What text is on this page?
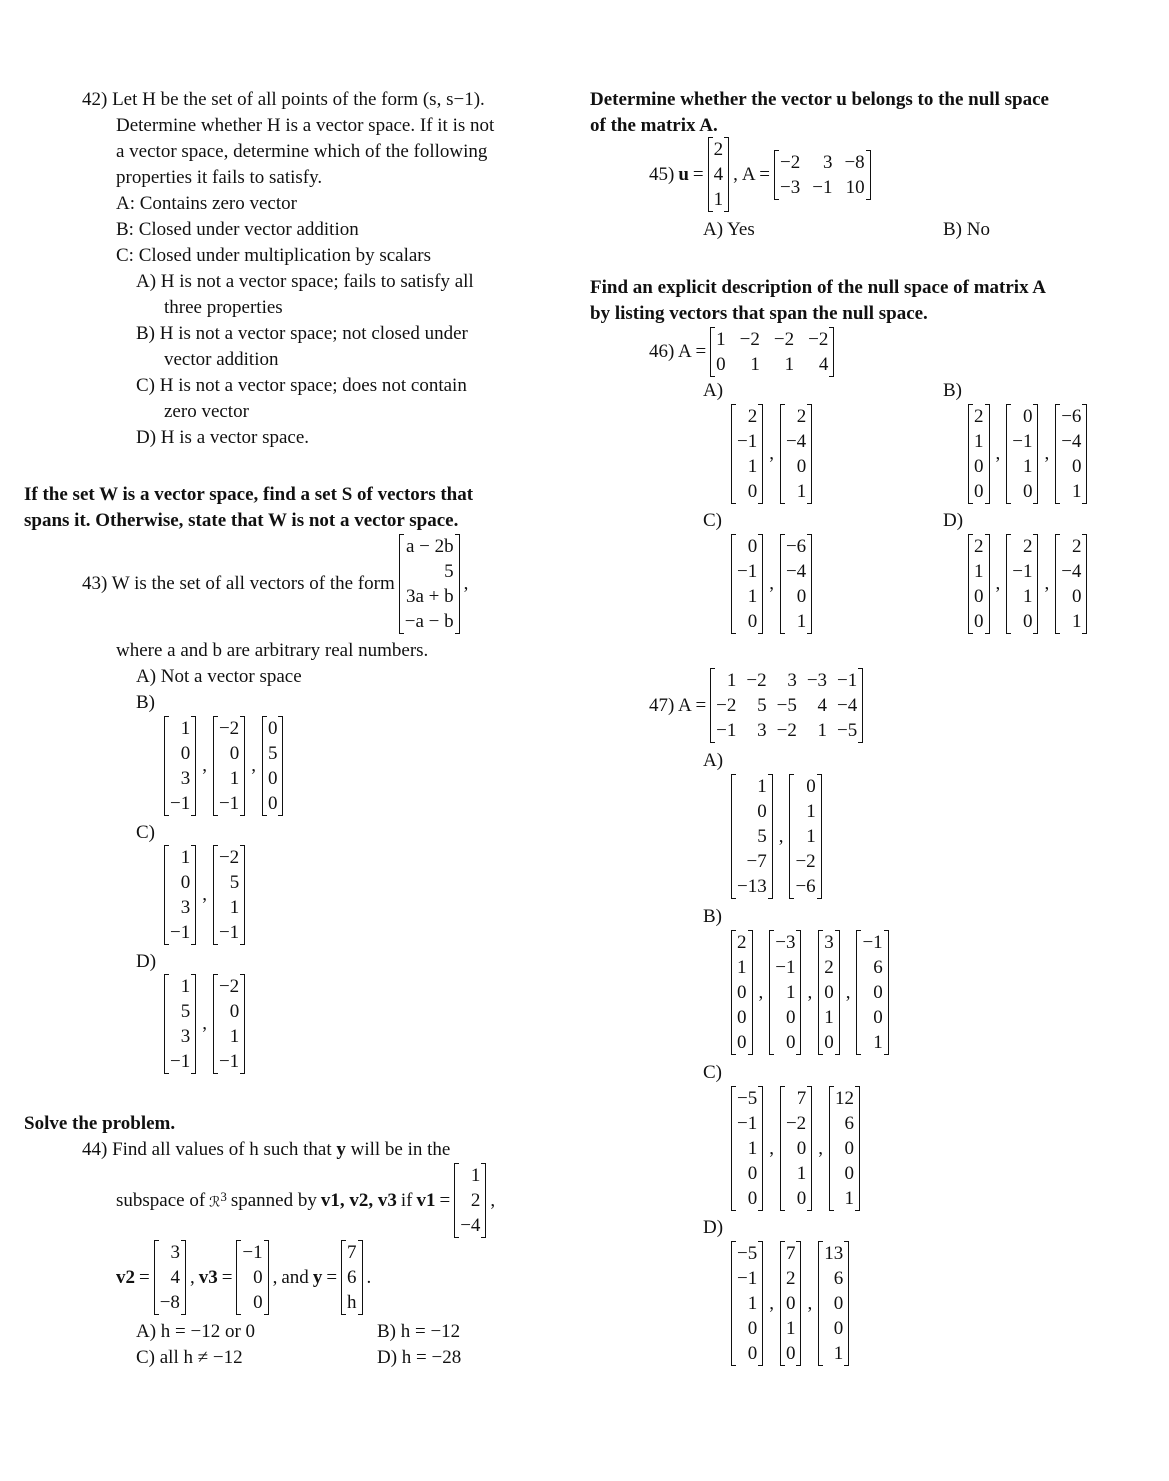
42) Let H be the set of all points of the form (s, s−1).
Determine whether H is a vector space. If it is not
a vector space, determine which of the following
properties it fails to satisfy.
A: Contains zero vector
B: Closed under vector addition
C: Closed under multiplication by scalars
A) H is not a vector space; fails to satisfy all
three properties
B) H is not a vector space; not closed under
vector addition
C) H is not a vector space; does not contain
zero vector
D) H is a vector space.
If the set W is a vector space, find a set S of vectors that
spans it. Otherwise, state that W is not a vector space.
43) W is the set of all vectors of the form
a − 2b
5
3a + b
−a − b
,
where a and b are arbitrary real numbers.
A) Not a vector space
B)
1
0
3
−1
,
−2
0
1
−1
,
0
5
0
0
C)
1
0
3
−1
,
−2
5
1
−1
D)
1
5
3
−1
,
−2
0
1
−1
Solve the problem.
44) Find all values of h such that y will be in the
subspace of ℛ$^3$ spanned by v1, v2, v3 if v1 =
1
2
−4
,
v2 =
3
4
−8
, v3 =
−1
0
0
, and y =
7
6
h
.
A) h = −12 or 0	B) h = −12
C) all h ≠ −12	D) h = −28
Determine whether the vector u belongs to the null space
of the matrix A.
45) u =
2
4
1
, A =
−2	3 −8
−3 −1 10
A) Yes	B) No
Find an explicit description of the null space of matrix A
by listing vectors that span the null space.
46) A =
1 −2 −2 −2
0	1	1	4
A)
2
−1
1
0
,
2
−4
0
1
B)
2
1
0
0
,
0
−1
1
0
,
−6
−4
0
1
C)
0
−1
1
0
,
−6
−4
0
1
D)
2
1
0
0
,
2
−1
1
0
,
2
−4
0
1
47) A =
1 −2	3 −3 −1
−2	5 −5	4 −4
−1	3 −2	1 −5
A)
1
0
5
−7
−13
,
0
1
1
−2
−6
B)
2
1
0
0
0
,
−3
−1
1
0
0
,
3
2
0
1
0
,
−1
6
0
0
1
C)
−5
−1
1
0
0
,
7
−2
0
1
0
,
12
6
0
0
1
D)
−5
−1
1
0
0
,
7
2
0
1
0
,
13
6
0
0
1
